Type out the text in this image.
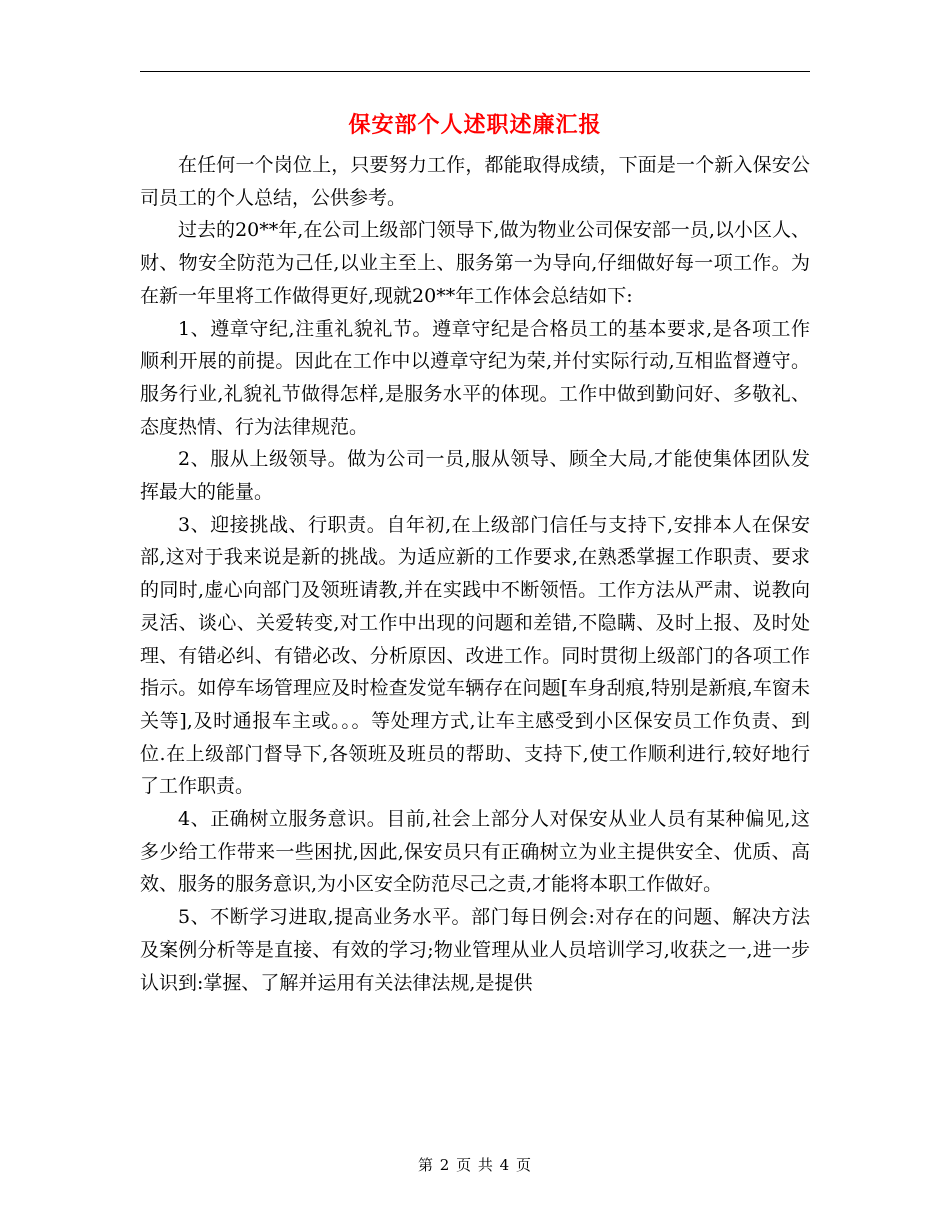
保安部个人述职述廉汇报

在任何一个岗位上，只要努力工作，都能取得成绩，下面是一个新入保安公司员工的个人总结，公供参考。

过去的20**年,在公司上级部门领导下,做为物业公司保安部一员,以小区人、财、物安全防范为己任,以业主至上、服务第一为导向,仔细做好每一项工作。为在新一年里将工作做得更好,现就20**年工作体会总结如下:

1、遵章守纪,注重礼貌礼节。遵章守纪是合格员工的基本要求,是各项工作顺利开展的前提。因此在工作中以遵章守纪为荣,并付实际行动,互相监督遵守。服务行业,礼貌礼节做得怎样,是服务水平的体现。工作中做到勤问好、多敬礼、态度热情、行为法律规范。

2、服从上级领导。做为公司一员,服从领导、顾全大局,才能使集体团队发挥最大的能量。

3、迎接挑战、行职责。自年初,在上级部门信任与支持下,安排本人在保安部,这对于我来说是新的挑战。为适应新的工作要求,在熟悉掌握工作职责、要求的同时,虚心向部门及领班请教,并在实践中不断领悟。工作方法从严肃、说教向灵活、谈心、关爱转变,对工作中出现的问题和差错,不隐瞒、及时上报、及时处理、有错必纠、有错必改、分析原因、改进工作。同时贯彻上级部门的各项工作指示。如停车场管理应及时检查发觉车辆存在问题[车身刮痕,特别是新痕,车窗未关等],及时通报车主或。。。等处理方式,让车主感受到小区保安员工作负责、到位.在上级部门督导下,各领班及班员的帮助、支持下,使工作顺利进行,较好地行了工作职责。

4、正确树立服务意识。目前,社会上部分人对保安从业人员有某种偏见,这多少给工作带来一些困扰,因此,保安员只有正确树立为业主提供安全、优质、高效、服务的服务意识,为小区安全防范尽己之责,才能将本职工作做好。

5、不断学习进取,提高业务水平。部门每日例会:对存在的问题、解决方法及案例分析等是直接、有效的学习;物业管理从业人员培训学习,收获之一,进一步认识到:掌握、了解并运用有关法律法规,是提供

第 2 页 共 4 页
